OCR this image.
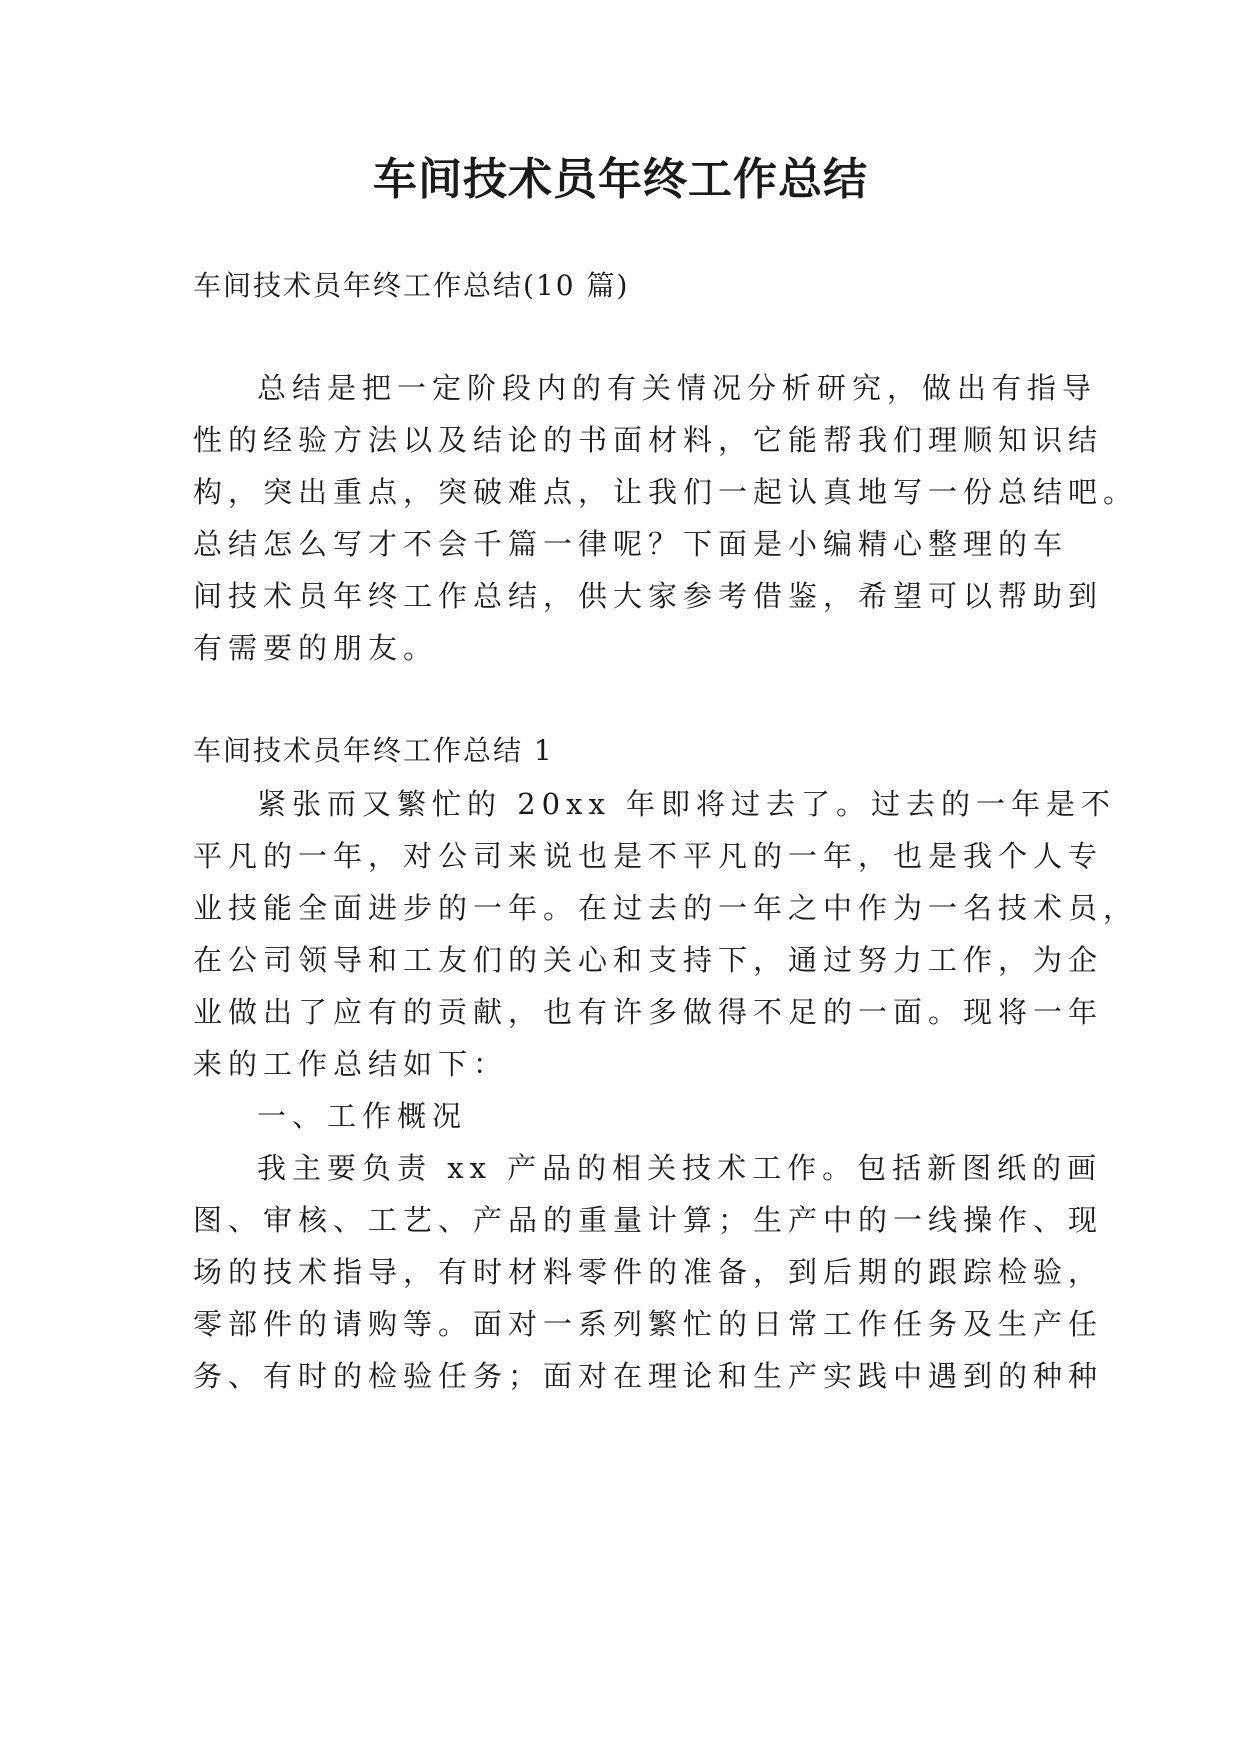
车间技术员年终工作总结
车间技术员年终工作总结(10 篇)
总结是把一定阶段内的有关情况分析研究，做出有指导
性的经验方法以及结论的书面材料，它能帮我们理顺知识结
构，突出重点，突破难点，让我们一起认真地写一份总结吧。
总结怎么写才不会千篇一律呢？下面是小编精心整理的车
间技术员年终工作总结，供大家参考借鉴，希望可以帮助到
有需要的朋友。
车间技术员年终工作总结 1
紧张而又繁忙的 20xx 年即将过去了。过去的一年是不
平凡的一年，对公司来说也是不平凡的一年，也是我个人专
业技能全面进步的一年。在过去的一年之中作为一名技术员，
在公司领导和工友们的关心和支持下，通过努力工作，为企
业做出了应有的贡献，也有许多做得不足的一面。现将一年
来的工作总结如下：
一、工作概况
我主要负责 xx 产品的相关技术工作。包括新图纸的画
图、审核、工艺、产品的重量计算；生产中的一线操作、现
场的技术指导，有时材料零件的准备，到后期的跟踪检验，
零部件的请购等。面对一系列繁忙的日常工作任务及生产任
务、有时的检验任务；面对在理论和生产实践中遇到的种种
